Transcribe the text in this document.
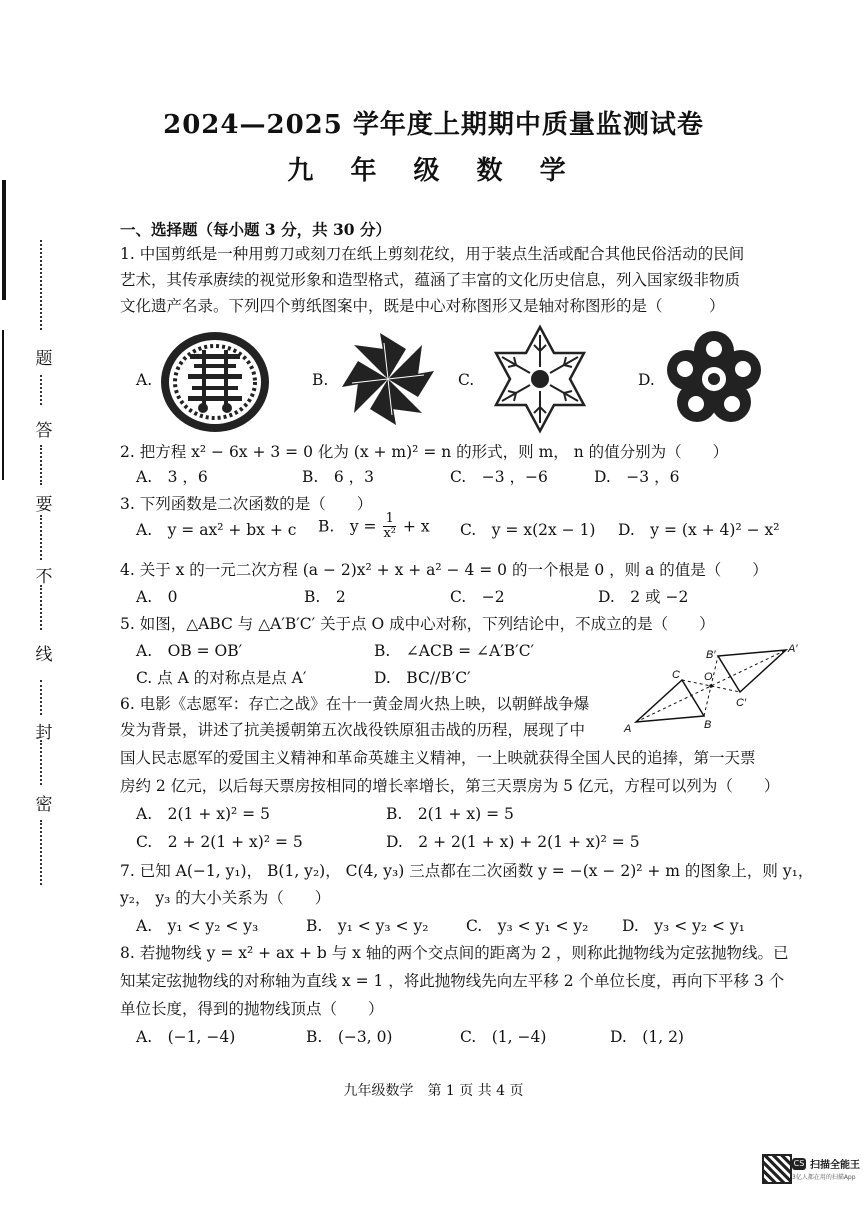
题
答
要
不
线
封
密
2024—2025 学年度上期期中质量监测试卷
九 年 级 数 学
一、选择题（每小题 3 分，共 30 分）
1. 中国剪纸是一种用剪刀或刻刀在纸上剪刻花纹，用于装点生活或配合其他民俗活动的民间
艺术，其传承赓续的视觉形象和造型格式，蕴涵了丰富的文化历史信息，列入国家级非物质
文化遗产名录。下列四个剪纸图案中，既是中心对称图形又是轴对称图形的是（　　　）
A.	B.	C.	D.
2. 把方程 x² − 6x + 3 = 0 化为 (x + m)² = n 的形式，则 m， n 的值分别为（　　）
A.　3 ，6	B.　6 ，3	C.　−3 ，−6	D.　−3 ，6
3. 下列函数是二次函数的是（　　）
A.　y = ax² + bx + c B.　$y = \frac{1}{\text{x²}} + x$ C.　y = x(2x − 1) D.　y = (x + 4)² − x²
4. 关于 x 的一元二次方程 (a − 2)x² + x + a² − 4 = 0 的一个根是 0 ，则 a 的值是（　　）
A.　0	B.　2	C.　−2	D.　2 或 −2
5. 如图，△ABC 与 △A′B′C′ 关于点 O 成中心对称，下列结论中，不成立的是（　　）
A.　OB = OB′	B.　∠ACB = ∠A′B′C′
C. 点 A 的对称点是点 A′	D.　BC//B′C′
A	B
C O
A′
B′
C′
6. 电影《志愿军：存亡之战》在十一黄金周火热上映，以朝鲜战争爆
发为背景，讲述了抗美援朝第五次战役铁原狙击战的历程，展现了中
国人民志愿军的爱国主义精神和革命英雄主义精神，一上映就获得全国人民的追捧，第一天票
房约 2 亿元，以后每天票房按相同的增长率增长，第三天票房为 5 亿元，方程可以列为（　　）
A.　2(1 + x)² = 5	B.　2(1 + x) = 5
C.　2 + 2(1 + x)² = 5	D.　2 + 2(1 + x) + 2(1 + x)² = 5
7. 已知 A(−1, y₁)， B(1, y₂)， C(4, y₃) 三点都在二次函数 y = −(x − 2)² + m 的图象上，则 y₁，
y₂， y₃ 的大小关系为（　　）
A.　y₁ < y₂ < y₃	B.　y₁ < y₃ < y₂ C.　y₃ < y₁ < y₂ D.　y₃ < y₂ < y₁
8. 若抛物线 y = x² + ax + b 与 x 轴的两个交点间的距离为 2 ，则称此抛物线为定弦抛物线。已
知某定弦抛物线的对称轴为直线 x = 1 ，将此抛物线先向左平移 2 个单位长度，再向下平移 3 个
单位长度，得到的抛物线顶点（　　）
A.　(−1, −4)	B.　(−3, 0)	C.　(1, −4)	D.　(1, 2)
九年级数学　第 1 页 共 4 页
CS 扫描全能王
3亿人都在用的扫描App
